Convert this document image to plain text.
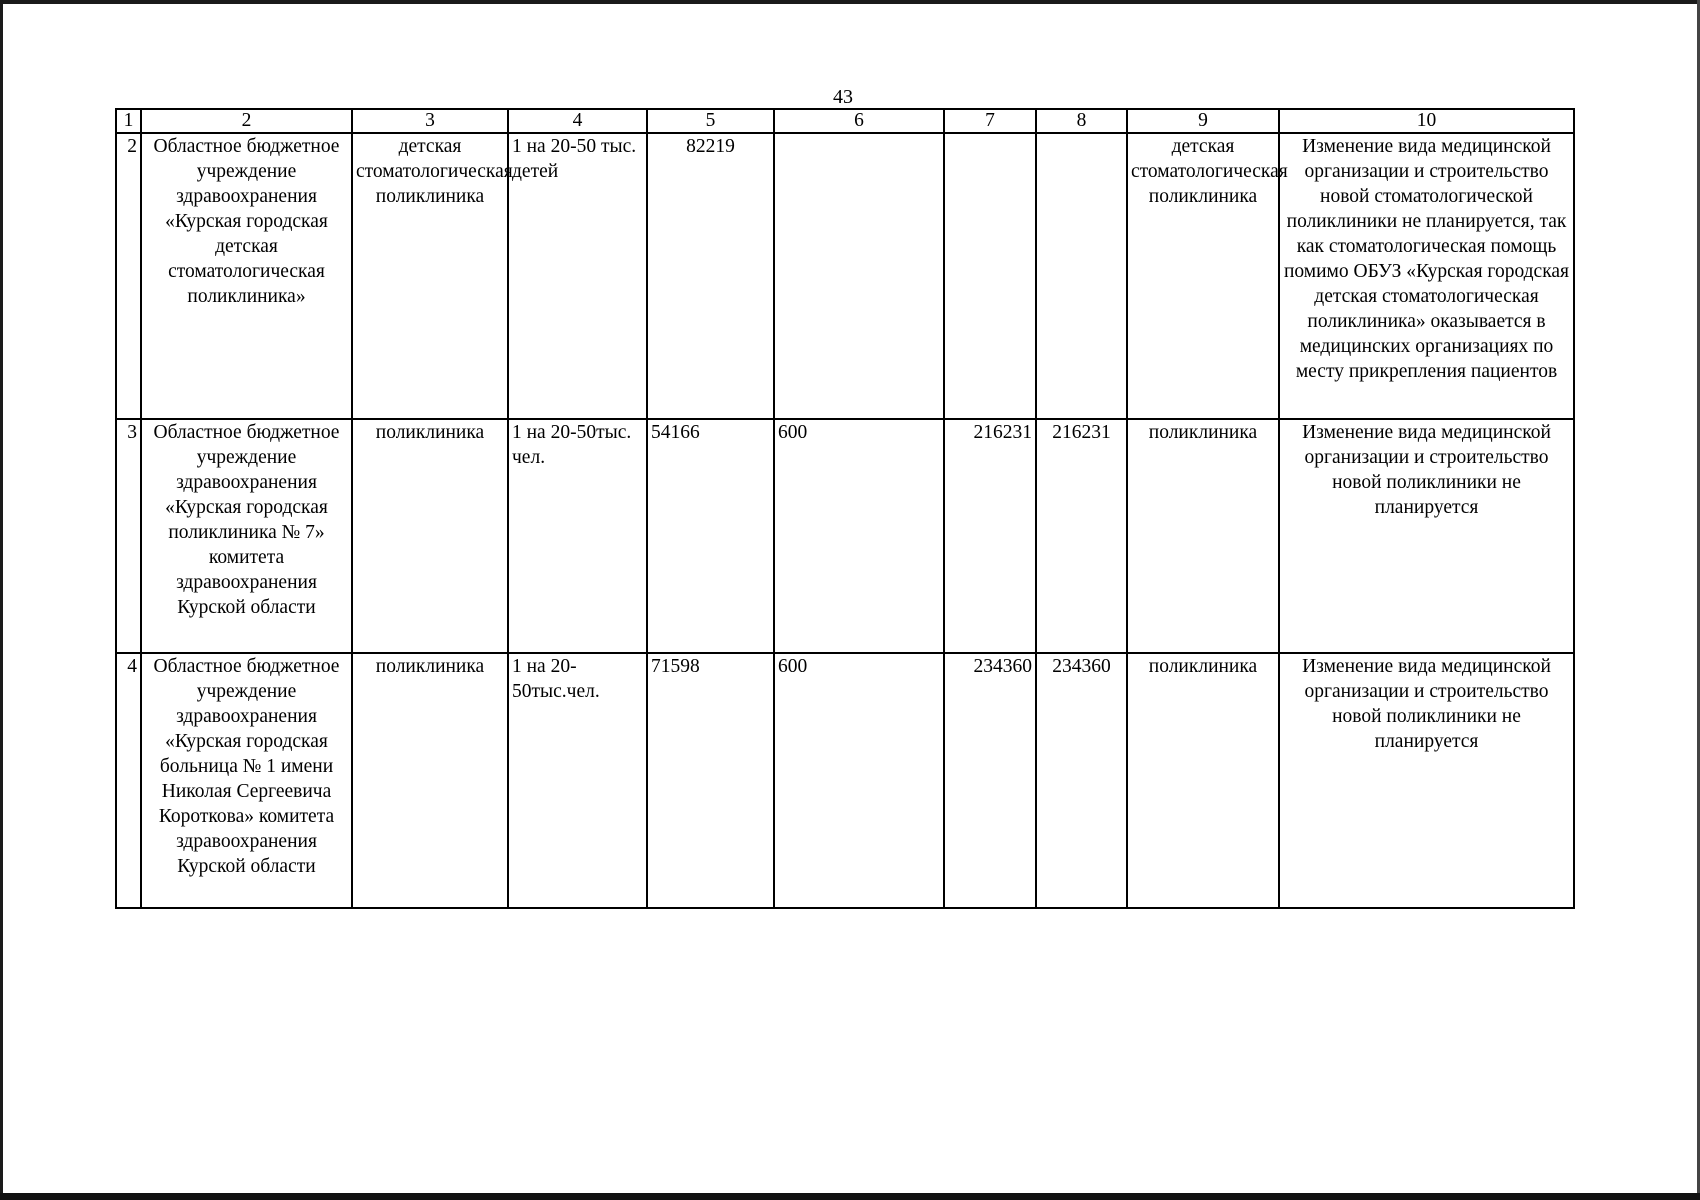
43
1	2	3	4	5	6	7	8	9	10
2	Областное бюджетное учреждение здравоохранения «Курская городская детская стоматологическая поликлиника»	детская стоматологическая поликлиника	1 на 20-50 тыс. детей	82219				детская стоматологическая поликлиника	Изменение вида медицинской организации и строительство новой стоматологической поликлиники не планируется, так как стоматологическая помощь помимо ОБУЗ «Курская городская детская стоматологическая поликлиника» оказывается в медицинских организациях по месту прикрепления пациентов
3	Областное бюджетное учреждение здравоохранения «Курская городская поликлиника № 7» комитета здравоохранения Курской области	поликлиника	1 на 20-50тыс. чел.	54166	600	216231	216231	поликлиника	Изменение вида медицинской организации и строительство новой поликлиники не планируется
4	Областное бюджетное учреждение здравоохранения «Курская городская больница № 1 имени Николая Сергеевича Короткова» комитета здравоохранения Курской области	поликлиника	1 на 20-50тыс.чел.	71598	600	234360	234360	поликлиника	Изменение вида медицинской организации и строительство новой поликлиники не планируется
